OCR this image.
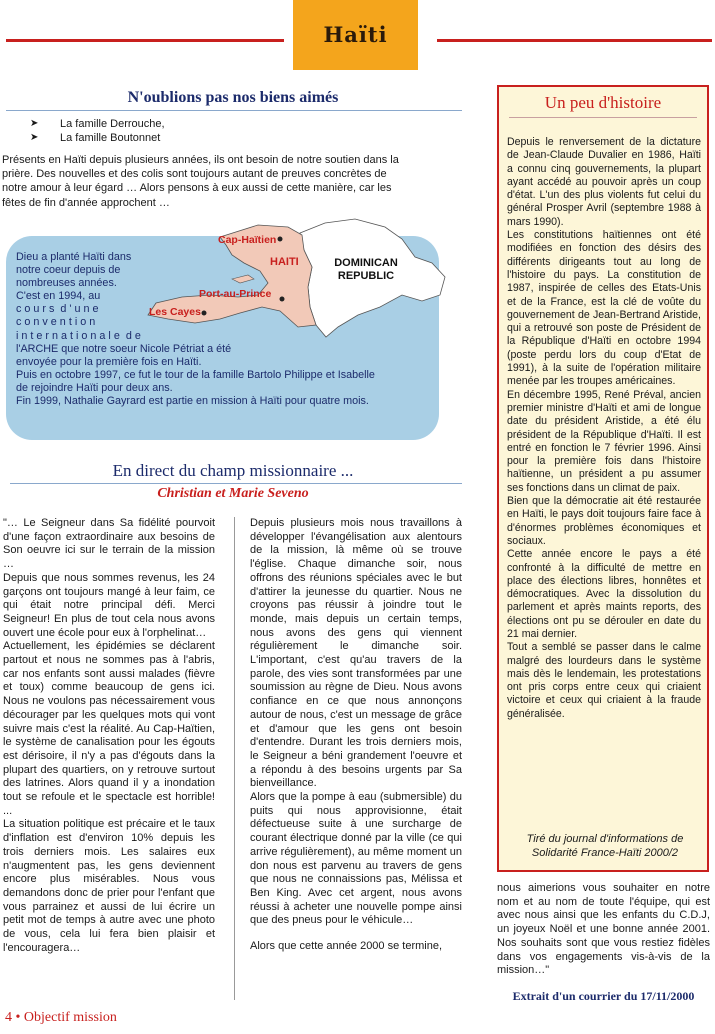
Haïti
N'oublions pas nos biens aimés
➤ La famille Derrouche,
➤ La famille Boutonnet
Présents en Haïti depuis plusieurs années, ils ont besoin de notre soutien dans la
prière. Des nouvelles et des colis sont toujours autant de preuves concrètes de
notre amour à leur égard … Alors pensons à eux aussi de cette manière, car les
fêtes de fin d'année approchent …
Cap-Haïtien
HAITI	DOMINICAN REPUBLIC
Port-au-Prince
Les Cayes
Dieu a planté Haïti dans
notre coeur depuis de
nombreuses années.
C'est en 1994, au
c o u r s  d ' u n e
c o n v e n t i o n
i n t e r n a t i o n a l e  d e
l'ARCHE que notre soeur Nicole Pétriat a été
envoyée pour la première fois en Haïti.
Puis en octobre 1997, ce fut le tour de la famille Bartolo Philippe et Isabelle
de rejoindre Haïti pour deux ans.
Fin 1999, Nathalie Gayrard est partie en mission à Haïti pour quatre mois.
En direct du champ missionnaire ...
Christian et Marie Seveno
"… Le Seigneur dans Sa fidélité pourvoit d'une façon extraordinaire aux besoins de Son oeuvre ici sur le terrain de la mission …
Depuis que nous sommes revenus, les 24 garçons ont toujours mangé à leur faim, ce qui était notre principal défi. Merci Seigneur! En plus de tout cela nous avons ouvert une école pour eux à l'orphelinat…
Actuellement, les épidémies se déclarent partout et nous ne sommes pas à l'abris, car nos enfants sont aussi malades (fièvre et toux) comme beaucoup de gens ici. Nous ne voulons pas nécessairement vous décourager par les quelques mots qui vont suivre mais c'est la réalité. Au Cap-Haïtien, le système de canalisation pour les égouts est dérisoire, il n'y a pas d'égouts dans la plupart des quartiers, on y retrouve surtout des latrines. Alors quand il y a inondation tout se refoule et le spectacle est horrible! ...
La situation politique est précaire et le taux d'inflation est d'environ 10% depuis les trois derniers mois. Les salaires eux n'augmentent pas, les gens deviennent encore plus misérables. Nous vous demandons donc de prier pour l'enfant que vous parrainez et aussi de lui écrire un petit mot de temps à autre avec une photo de vous, cela lui fera bien plaisir et l'encouragera…
Depuis plusieurs mois nous travaillons à développer l'évangélisation aux alentours de la mission, là même où se trouve l'église. Chaque dimanche soir, nous offrons des réunions spéciales avec le but d'attirer la jeunesse du quartier. Nous ne croyons pas réussir à joindre tout le monde, mais depuis un certain temps, nous avons des gens qui viennent régulièrement le dimanche soir. L'important, c'est qu'au travers de la parole, des vies sont transformées par une soumission au règne de Dieu. Nous avons confiance en ce que nous annonçons autour de nous, c'est un message de grâce et d'amour que les gens ont besoin d'entendre. Durant les trois derniers mois, le Seigneur a béni grandement l'oeuvre et a répondu à des besoins urgents par Sa bienveillance.
Alors que la pompe à eau (submersible) du puits qui nous approvisionne, était défectueuse suite à une surcharge de courant électrique donné par la ville (ce qui arrive régulièrement), au même moment un don nous est parvenu au travers de gens que nous ne connaissions pas, Mélissa et Ben King. Avec cet argent, nous avons réussi à acheter une nouvelle pompe ainsi que des pneus pour le véhicule…
Alors que cette année 2000 se termine,
Un peu d'histoire
Depuis le renversement de la dictature de Jean-Claude Duvalier en 1986, Haïti a connu cinq gouvernements, la plupart ayant accédé au pouvoir après un coup d'état. L'un des plus violents fut celui du général Prosper Avril (septembre 1988 à mars 1990).
Les constitutions haïtiennes ont été modifiées en fonction des désirs des différents dirigeants tout au long de l'histoire du pays. La constitution de 1987, inspirée de celles des Etats-Unis et de la France, est la clé de voûte du gouvernement de Jean-Bertrand Aristide, qui a retrouvé son poste de Président de la République d'Haïti en octobre 1994 (poste perdu lors du coup d'Etat de 1991), à la suite de l'opération militaire menée par les troupes américaines.
En décembre 1995, René Préval, ancien premier ministre d'Haïti et ami de longue date du président Aristide, a été élu président de la République d'Haïti. Il est entré en fonction le 7 février 1996. Ainsi pour la première fois dans l'histoire haïtienne, un président a pu assumer ses fonctions dans un climat de paix.
Bien que la démocratie ait été restaurée en Haïti, le pays doit toujours faire face à d'énormes problèmes économiques et sociaux.
Cette année encore le pays a été confronté à la difficulté de mettre en place des élections libres, honnêtes et démocratiques. Avec la dissolution du parlement et après maints reports, des élections ont pu se dérouler en date du 21 mai dernier.
Tout a semblé se passer dans le calme malgré des lourdeurs dans le système mais dès le lendemain, les protestations ont pris corps entre ceux qui criaient victoire et ceux qui criaient à la fraude généralisée.
Tiré du journal d'informations de Solidarité France-Haïti 2000/2
nous aimerions vous souhaiter en notre nom et au nom de toute l'équipe, qui est avec nous ainsi que les enfants du C.D.J, un joyeux Noël et une bonne année 2001. Nos souhaits sont que vous restiez fidèles dans vos engagements vis-à-vis de la mission…"
Extrait d'un courrier du 17/11/2000
4 • Objectif mission
